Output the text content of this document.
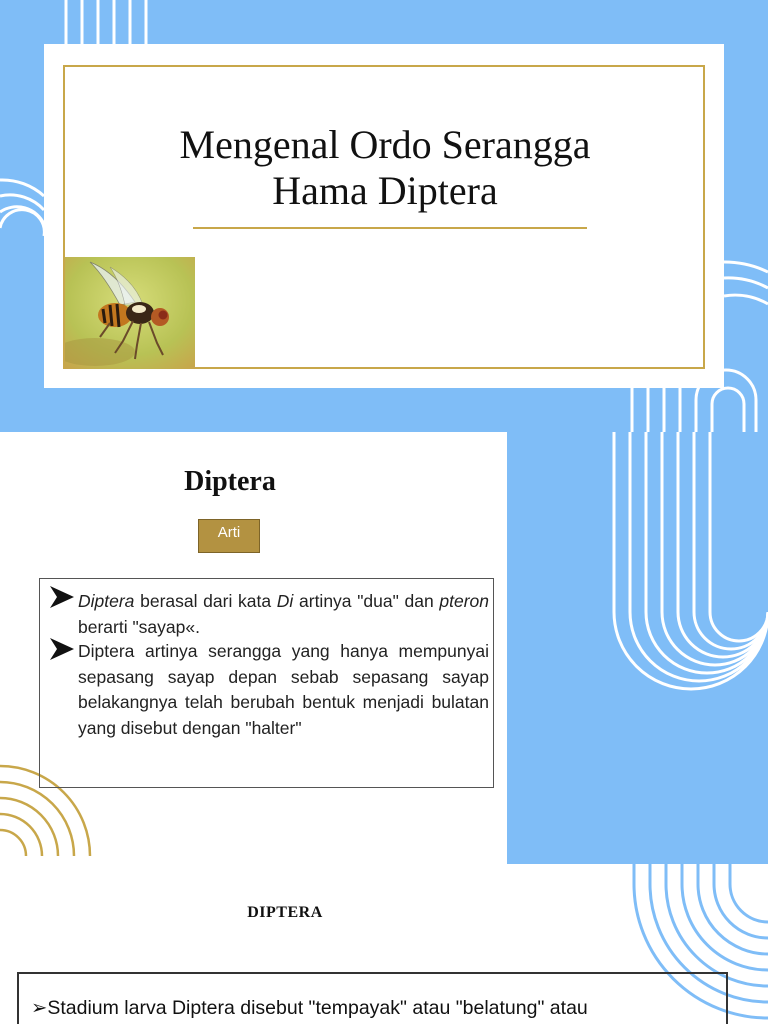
Mengenal Ordo Serangga
Hama Diptera
Diptera
Arti
Diptera berasal dari kata Di artinya "dua" dan pteron berarti "sayap«.
Diptera artinya serangga yang hanya mempunyai sepasang sayap depan sebab sepasang sayap belakangnya telah berubah bentuk menjadi bulatan yang disebut dengan "halter"
DIPTERA
➢Stadium larva Diptera disebut "tempayak" atau "belatung" atau
